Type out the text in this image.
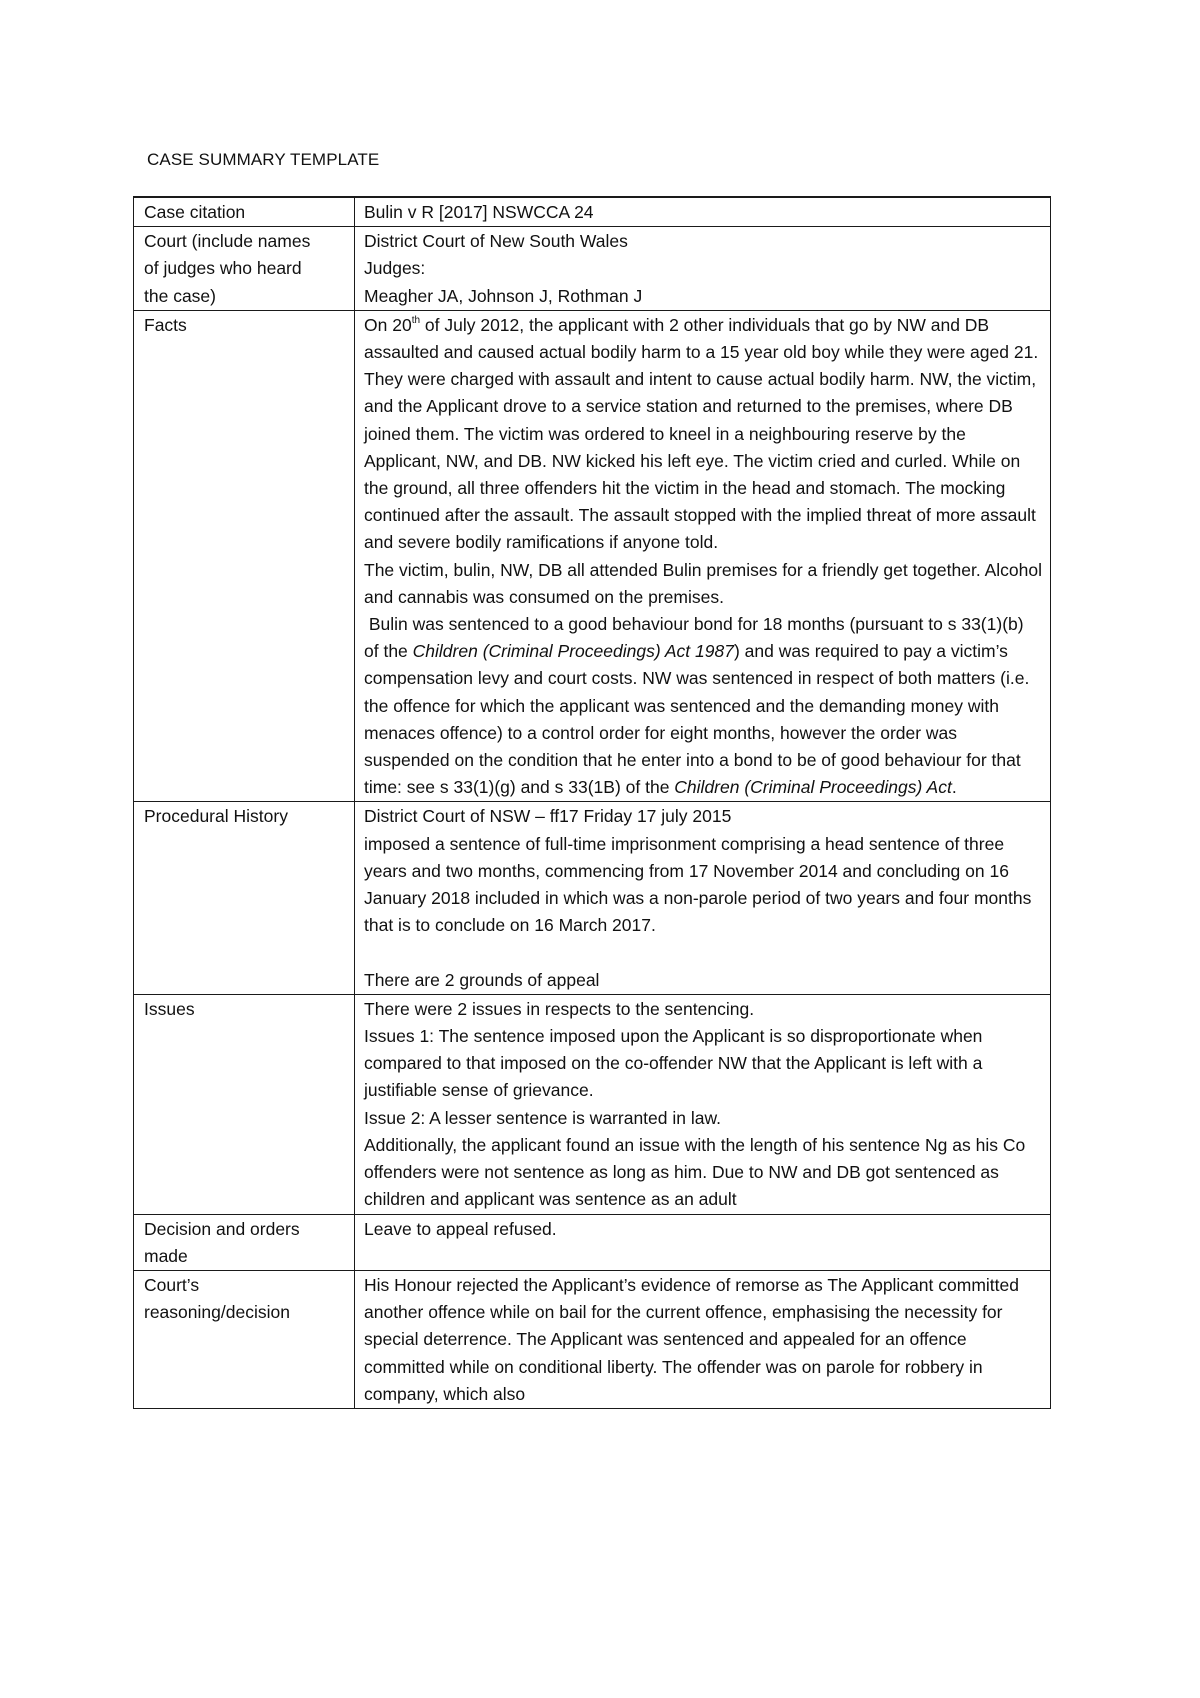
CASE SUMMARY TEMPLATE
Case citation	Bulin v R [2017] NSWCCA 24

Court (include names
of judges who heard
the case)	District Court of New South Wales
Judges:
Meagher JA, Johnson J, Rothman J

Facts	On 20th of July 2012, the applicant with 2 other individuals that go by NW and DB assaulted and caused actual bodily harm to a 15 year old boy while they were aged 21. They were charged with assault and intent to cause actual bodily harm. NW, the victim, and the Applicant drove to a service station and returned to the premises, where DB joined them. The victim was ordered to kneel in a neighbouring reserve by the Applicant, NW, and DB. NW kicked his left eye. The victim cried and curled. While on the ground, all three offenders hit the victim in the head and stomach. The mocking continued after the assault. The assault stopped with the implied threat of more assault and severe bodily ramifications if anyone told.
The victim, bulin, NW, DB all attended Bulin premises for a friendly get together. Alcohol and cannabis was consumed on the premises.
Bulin was sentenced to a good behaviour bond for 18 months (pursuant to s 33(1)(b) of the Children (Criminal Proceedings) Act 1987) and was required to pay a victim’s compensation levy and court costs. NW was sentenced in respect of both matters (i.e. the offence for which the applicant was sentenced and the demanding money with menaces offence) to a control order for eight months, however the order was suspended on the condition that he enter into a bond to be of good behaviour for that time: see s 33(1)(g) and s 33(1B) of the Children (Criminal Proceedings) Act.

Procedural History	District Court of NSW – ff17 Friday 17 july 2015
imposed a sentence of full-time imprisonment comprising a head sentence of three years and two months, commencing from 17 November 2014 and concluding on 16 January 2018 included in which was a non-parole period of two years and four months that is to conclude on 16 March 2017.
There are 2 grounds of appeal

Issues	There were 2 issues in respects to the sentencing.
Issues 1: The sentence imposed upon the Applicant is so disproportionate when compared to that imposed on the co-offender NW that the Applicant is left with a justifiable sense of grievance.
Issue 2: A lesser sentence is warranted in law.
Additionally, the applicant found an issue with the length of his sentence Ng as his Co offenders were not sentence as long as him. Due to NW and DB got sentenced as children and applicant was sentence as an adult

Decision and orders
made	Leave to appeal refused.

Court’s
reasoning/decision	His Honour rejected the Applicant’s evidence of remorse as The Applicant committed another offence while on bail for the current offence, emphasising the necessity for special deterrence. The Applicant was sentenced and appealed for an offence committed while on conditional liberty. The offender was on parole for robbery in company, which also
